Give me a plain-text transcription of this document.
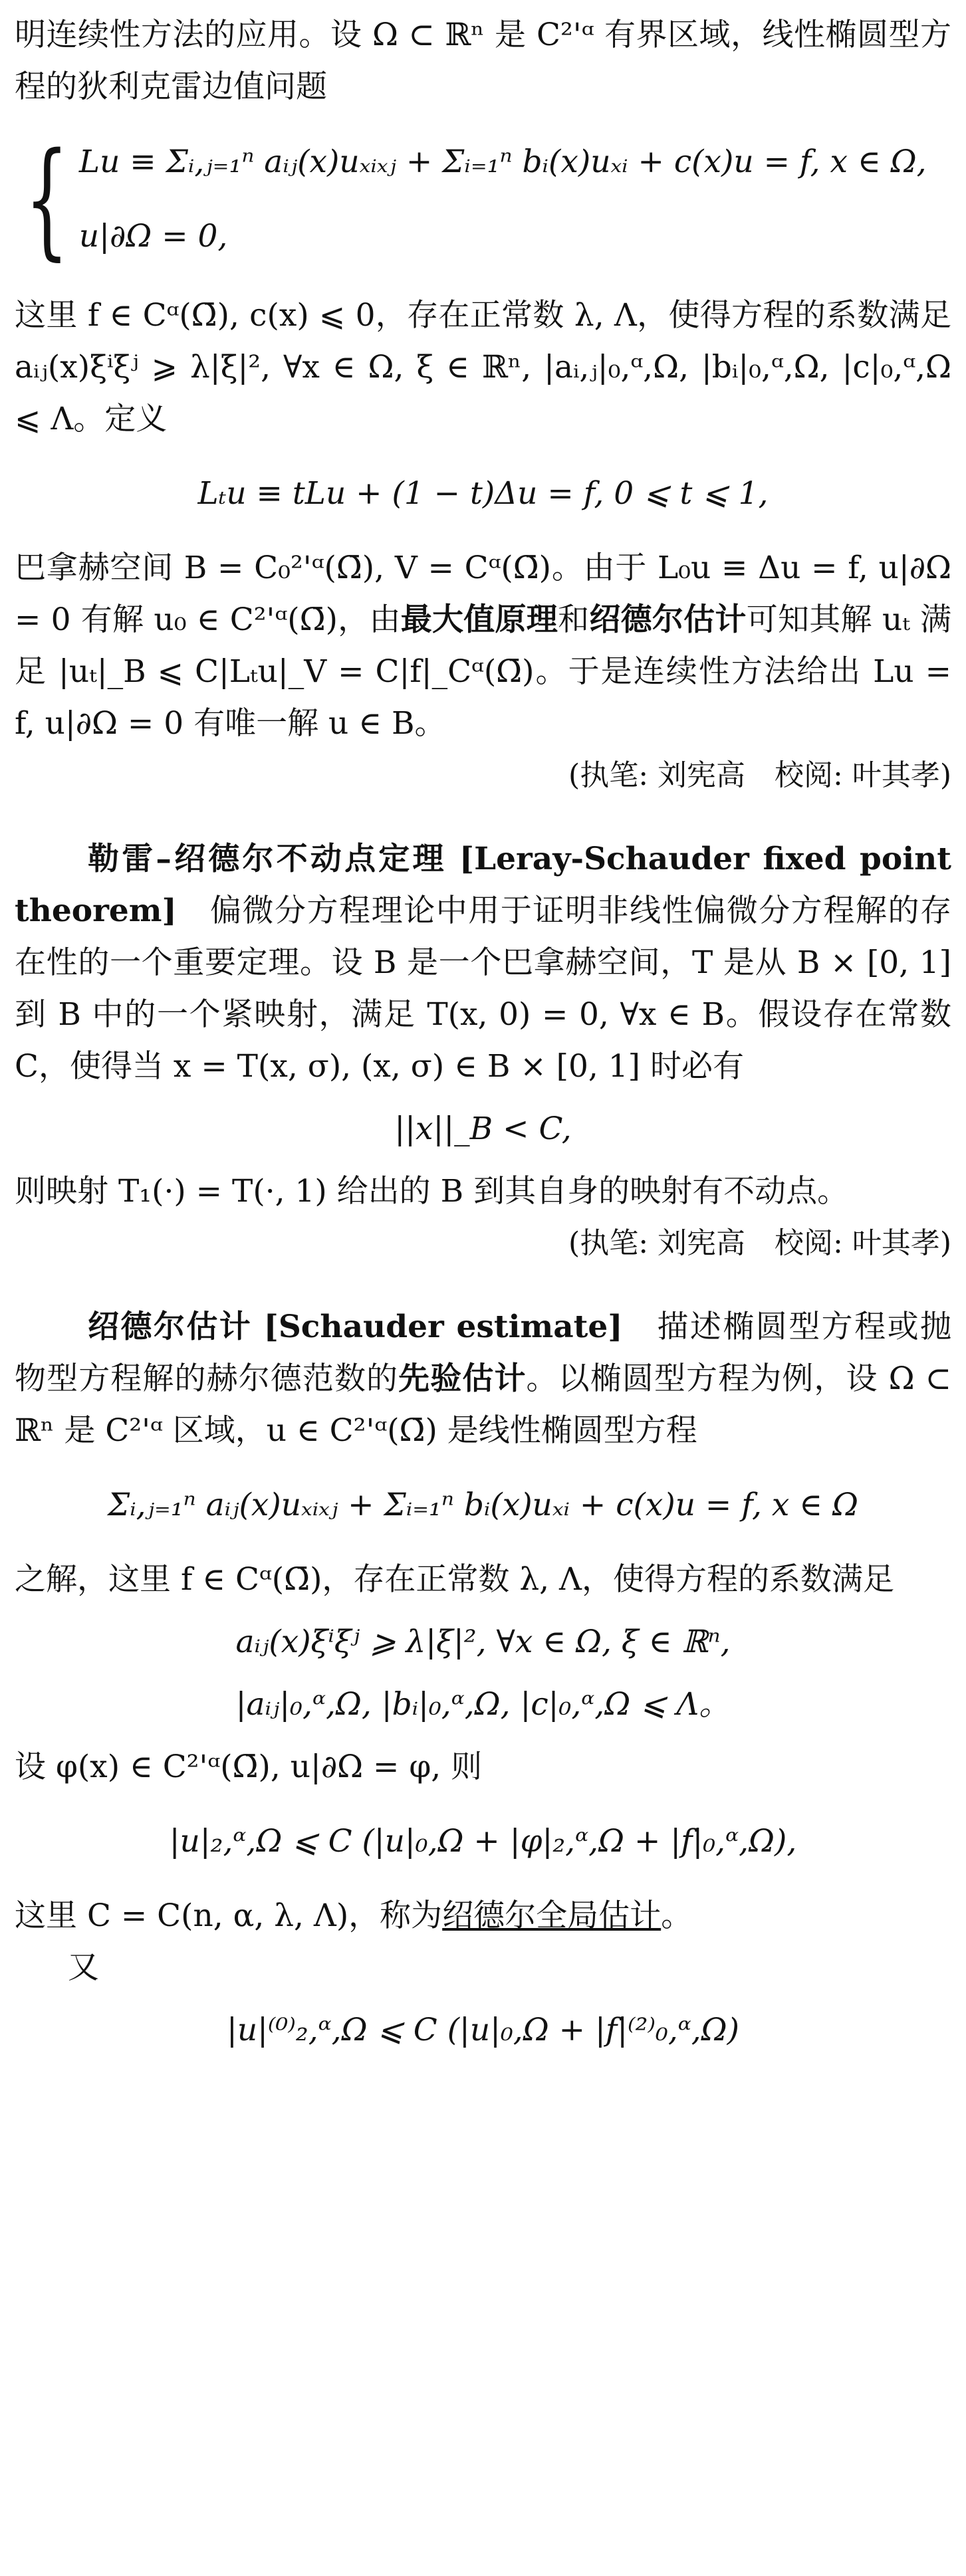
明连续性方法的应用。设 Ω ⊂ ℝⁿ 是 C²'ᵅ 有界区域，线性椭圆型方程的狄利克雷边值问题

{ Lu ≡ Σᵢ,ⱼ₌₁ⁿ aᵢⱼ(x)uₓᵢₓⱼ + Σᵢ₌₁ⁿ bᵢ(x)uₓᵢ + c(x)u = f, x ∈ Ω,
u|∂Ω = 0,

这里 f ∈ Cᵅ(Ω̄), c(x) ⩽ 0，存在正常数 λ, Λ，使得方程的系数满足 aᵢⱼ(x)ξⁱξʲ ⩾ λ|ξ|², ∀x ∈ Ω, ξ ∈ ℝⁿ, |aᵢ,ⱼ|₀,ᵅ,Ω, |bᵢ|₀,ᵅ,Ω, |c|₀,ᵅ,Ω ⩽ Λ。定义

Lₜu ≡ tLu + (1 − t)Δu = f, 0 ⩽ t ⩽ 1,

巴拿赫空间 B = C₀²'ᵅ(Ω̄), V = Cᵅ(Ω̄)。由于 L₀u ≡ Δu = f, u|∂Ω = 0 有解 u₀ ∈ C²'ᵅ(Ω̄)，由最大值原理和绍德尔估计可知其解 uₜ 满足 |uₜ|_B ⩽ C|Lₜu|_V = C|f|_Cᵅ(Ω̄)。于是连续性方法给出 Lu = f, u|∂Ω = 0 有唯一解 u ∈ B。

(执笔: 刘宪高　校阅: 叶其孝)

勒雷–绍德尔不动点定理 [Leray-Schauder fixed point theorem]　 偏微分方程理论中用于证明非线性偏微分方程解的存在性的一个重要定理。设 B 是一个巴拿赫空间，T 是从 B × [0, 1] 到 B 中的一个紧映射，满足 T(x, 0) = 0, ∀x ∈ B。假设存在常数 C，使得当 x = T(x, σ), (x, σ) ∈ B × [0, 1] 时必有

||x||_B < C,

则映射 T₁(·) = T(·, 1) 给出的 B 到其自身的映射有不动点。

(执笔: 刘宪高　校阅: 叶其孝)

绍德尔估计 [Schauder estimate]　 描述椭圆型方程或抛物型方程解的赫尔德范数的先验估计。以椭圆型方程为例，设 Ω ⊂ ℝⁿ 是 C²'ᵅ 区域，u ∈ C²'ᵅ(Ω̄) 是线性椭圆型方程

Σᵢ,ⱼ₌₁ⁿ aᵢⱼ(x)uₓᵢₓⱼ + Σᵢ₌₁ⁿ bᵢ(x)uₓᵢ + c(x)u = f, x ∈ Ω

之解，这里 f ∈ Cᵅ(Ω̄)，存在正常数 λ, Λ，使得方程的系数满足

aᵢⱼ(x)ξⁱξʲ ⩾ λ|ξ|², ∀x ∈ Ω, ξ ∈ ℝⁿ,

|aᵢⱼ|₀,ᵅ,Ω, |bᵢ|₀,ᵅ,Ω, |c|₀,ᵅ,Ω ⩽ Λ。

设 φ(x) ∈ C²'ᵅ(Ω̄), u|∂Ω = φ, 则

|u|₂,ᵅ,Ω ⩽ C (|u|₀,Ω + |φ|₂,ᵅ,Ω + |f|₀,ᵅ,Ω),

这里 C = C(n, α, λ, Λ)，称为绍德尔全局估计。

又

|u|⁽⁰⁾₂,ᵅ,Ω ⩽ C (|u|₀,Ω + |f|⁽²⁾₀,ᵅ,Ω)
